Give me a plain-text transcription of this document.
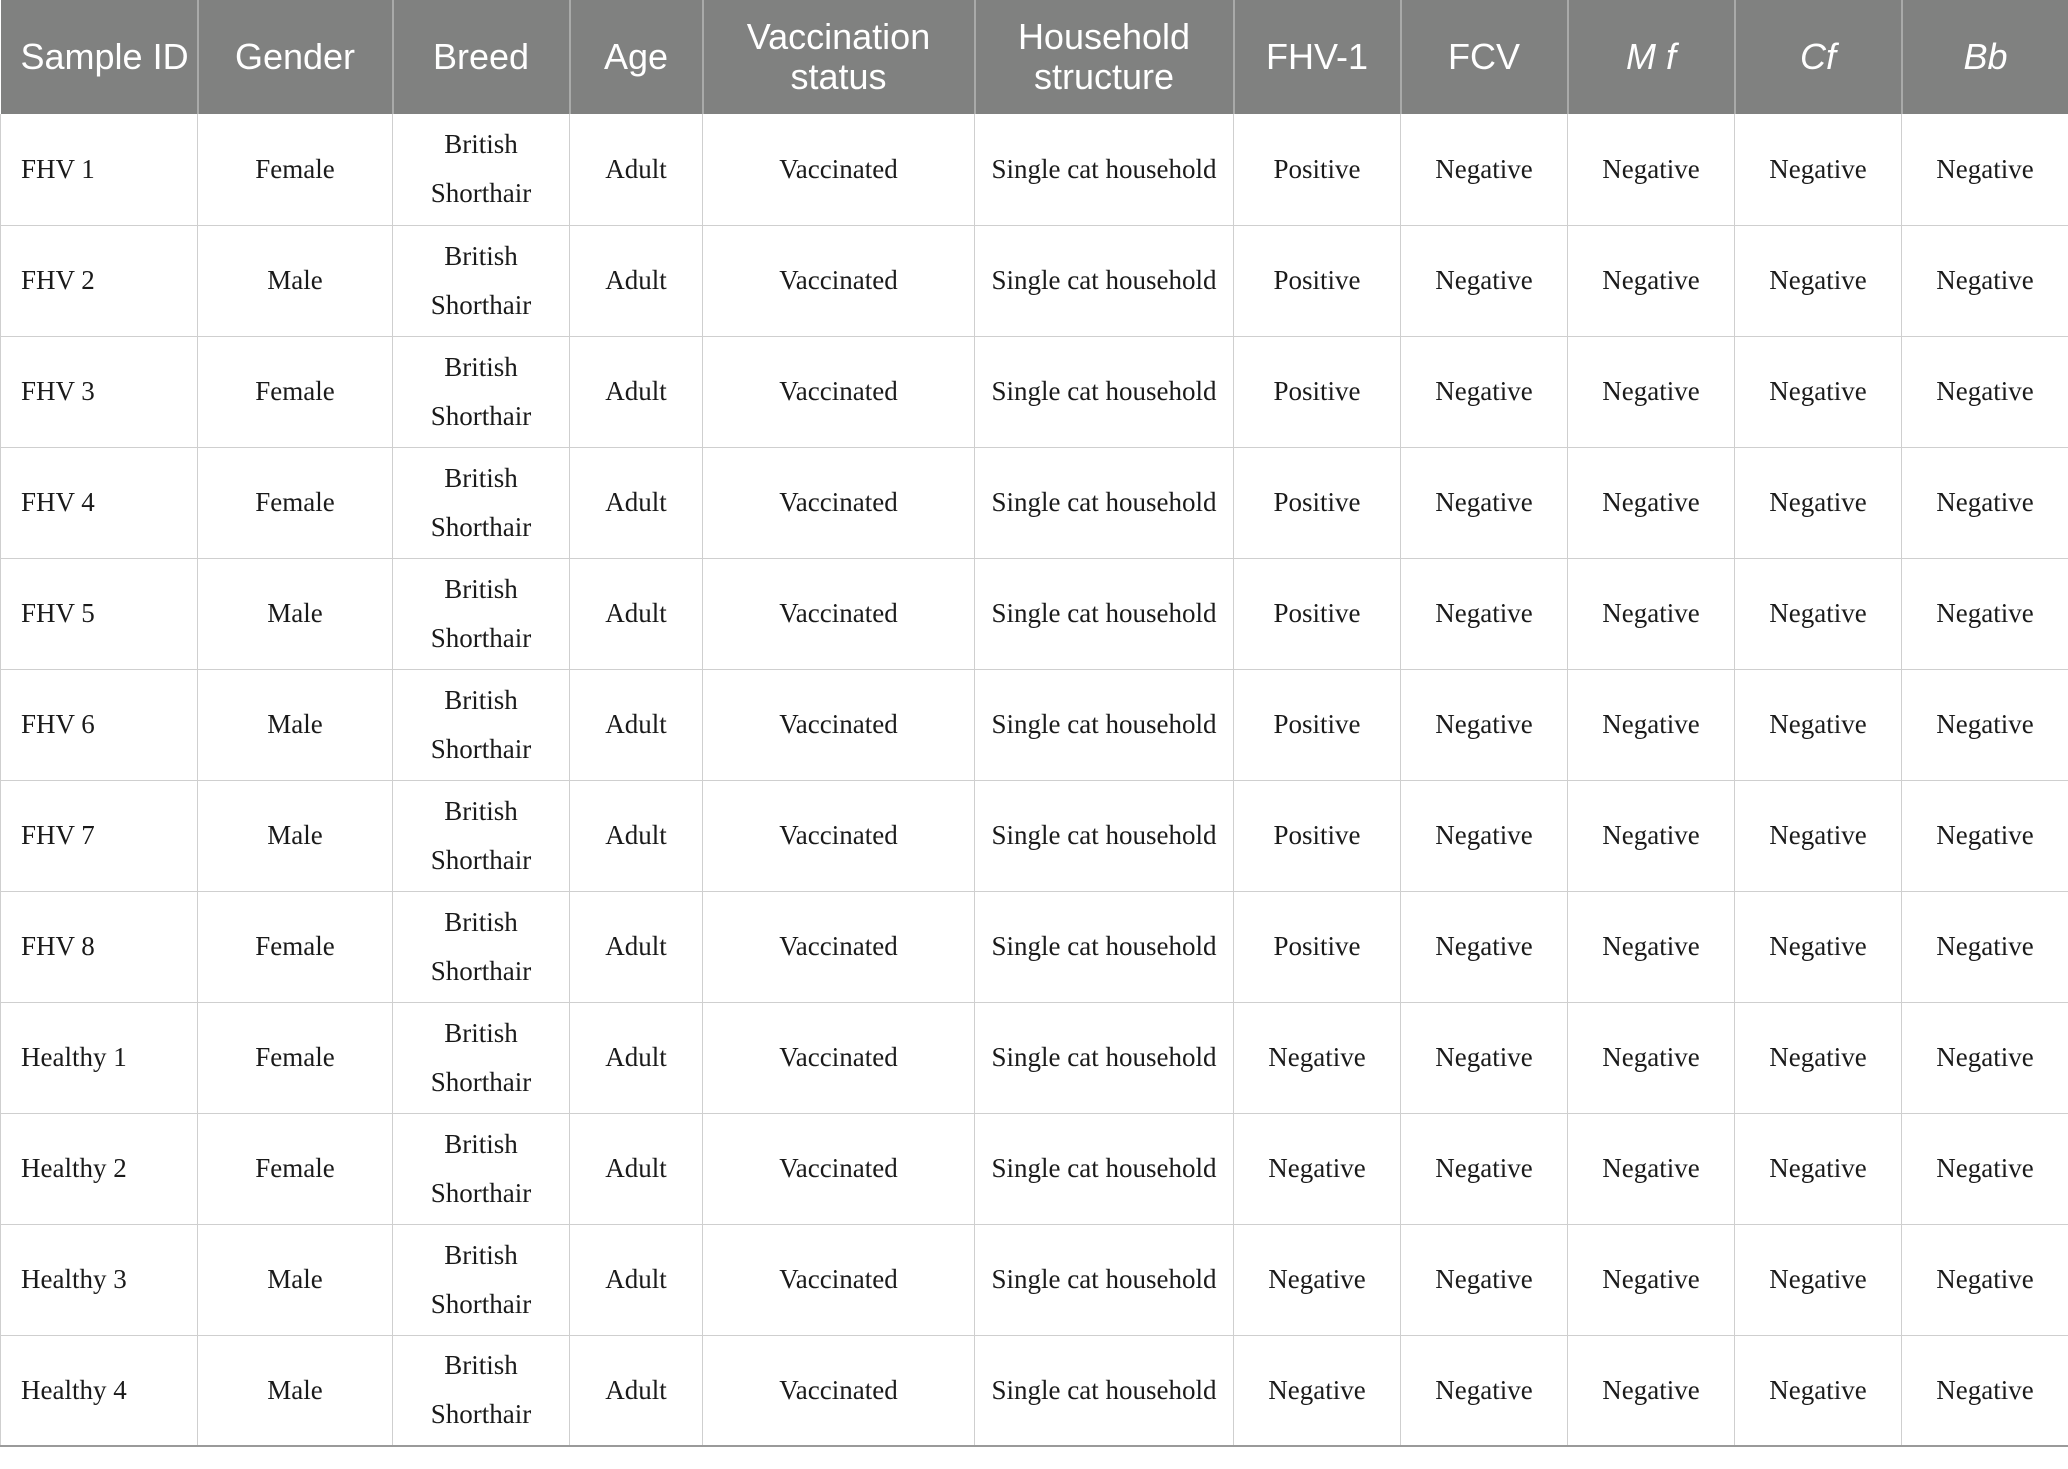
Sample ID	Gender	Breed	Age	Vaccination status	Household structure	FHV-1	FCV	M f	Cf	Bb
FHV 1	Female	British Shorthair	Adult	Vaccinated	Single cat household	Positive	Negative	Negative	Negative	Negative
FHV 2	Male	British Shorthair	Adult	Vaccinated	Single cat household	Positive	Negative	Negative	Negative	Negative
FHV 3	Female	British Shorthair	Adult	Vaccinated	Single cat household	Positive	Negative	Negative	Negative	Negative
FHV 4	Female	British Shorthair	Adult	Vaccinated	Single cat household	Positive	Negative	Negative	Negative	Negative
FHV 5	Male	British Shorthair	Adult	Vaccinated	Single cat household	Positive	Negative	Negative	Negative	Negative
FHV 6	Male	British Shorthair	Adult	Vaccinated	Single cat household	Positive	Negative	Negative	Negative	Negative
FHV 7	Male	British Shorthair	Adult	Vaccinated	Single cat household	Positive	Negative	Negative	Negative	Negative
FHV 8	Female	British Shorthair	Adult	Vaccinated	Single cat household	Positive	Negative	Negative	Negative	Negative
Healthy 1	Female	British Shorthair	Adult	Vaccinated	Single cat household	Negative	Negative	Negative	Negative	Negative
Healthy 2	Female	British Shorthair	Adult	Vaccinated	Single cat household	Negative	Negative	Negative	Negative	Negative
Healthy 3	Male	British Shorthair	Adult	Vaccinated	Single cat household	Negative	Negative	Negative	Negative	Negative
Healthy 4	Male	British Shorthair	Adult	Vaccinated	Single cat household	Negative	Negative	Negative	Negative	Negative
